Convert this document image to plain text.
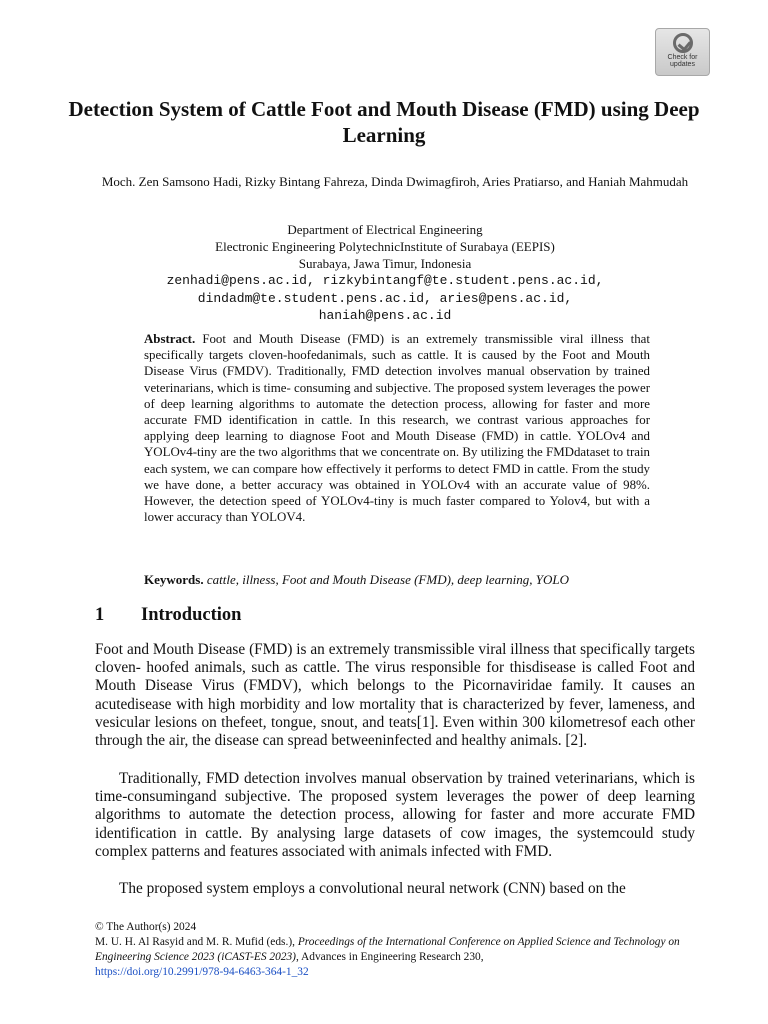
Check for
updates
Detection System of Cattle Foot and Mouth Disease (FMD) using Deep Learning
Moch. Zen Samsono Hadi, Rizky Bintang Fahreza, Dinda Dwimagfiroh, Aries Pratiarso, and Haniah Mahmudah
Department of Electrical Engineering
Electronic Engineering PolytechnicInstitute of Surabaya (EEPIS)
Surabaya, Jawa Timur, Indonesia
zenhadi@pens.ac.id, rizkybintangf@te.student.pens.ac.id,
dindadm@te.student.pens.ac.id, aries@pens.ac.id,
haniah@pens.ac.id

Abstract. Foot and Mouth Disease (FMD) is an extremely transmissible viral illness that specifically targets cloven-hoofedanimals, such as cattle. It is caused by the Foot and Mouth Disease Virus (FMDV). Traditionally, FMD detection involves manual observation by trained veterinarians, which is time- consuming and subjective. The proposed system leverages the power of deep learning algorithms to automate the detection process, allowing for faster and more accurate FMD identification in cattle. In this research, we contrast various approaches for applying deep learning to diagnose Foot and Mouth Disease (FMD) in cattle. YOLOv4 and YOLOv4-tiny are the two algorithms that we concentrate on. By utilizing the FMDdataset to train each system, we can compare how effectively it performs to detect FMD in cattle. From the study we have done, a better accuracy was obtained in YOLOv4 with an accurate value of 98%. However, the detection speed of YOLOv4-tiny is much faster compared to Yolov4, but with a lower accuracy than YOLOV4.

Keywords. cattle, illness, Foot and Mouth Disease (FMD), deep learning, YOLO

1 Introduction

Foot and Mouth Disease (FMD) is an extremely transmissible viral illness that specifically targets cloven- hoofed animals, such as cattle. The virus responsible for thisdisease is called Foot and Mouth Disease Virus (FMDV), which belongs to the Picornaviridae family. It causes an acutedisease with high morbidity and low mortality that is characterized by fever, lameness, and vesicular lesions on thefeet, tongue, snout, and teats[1]. Even within 300 kilometresof each other through the air, the disease can spread betweeninfected and healthy animals. [2].

Traditionally, FMD detection involves manual observation by trained veterinarians, which is time-consumingand subjective. The proposed system leverages the power of deep learning algorithms to automate the detection process, allowing for faster and more accurate FMD identification in cattle. By analysing large datasets of cow images, the systemcould study complex patterns and features associated with animals infected with FMD.

The proposed system employs a convolutional neural network (CNN) based on the

© The Author(s) 2024
M. U. H. Al Rasyid and M. R. Mufid (eds.), Proceedings of the International Conference on Applied Science and Technology on Engineering Science 2023 (iCAST-ES 2023), Advances in Engineering Research 230,
https://doi.org/10.2991/978-94-6463-364-1_32
